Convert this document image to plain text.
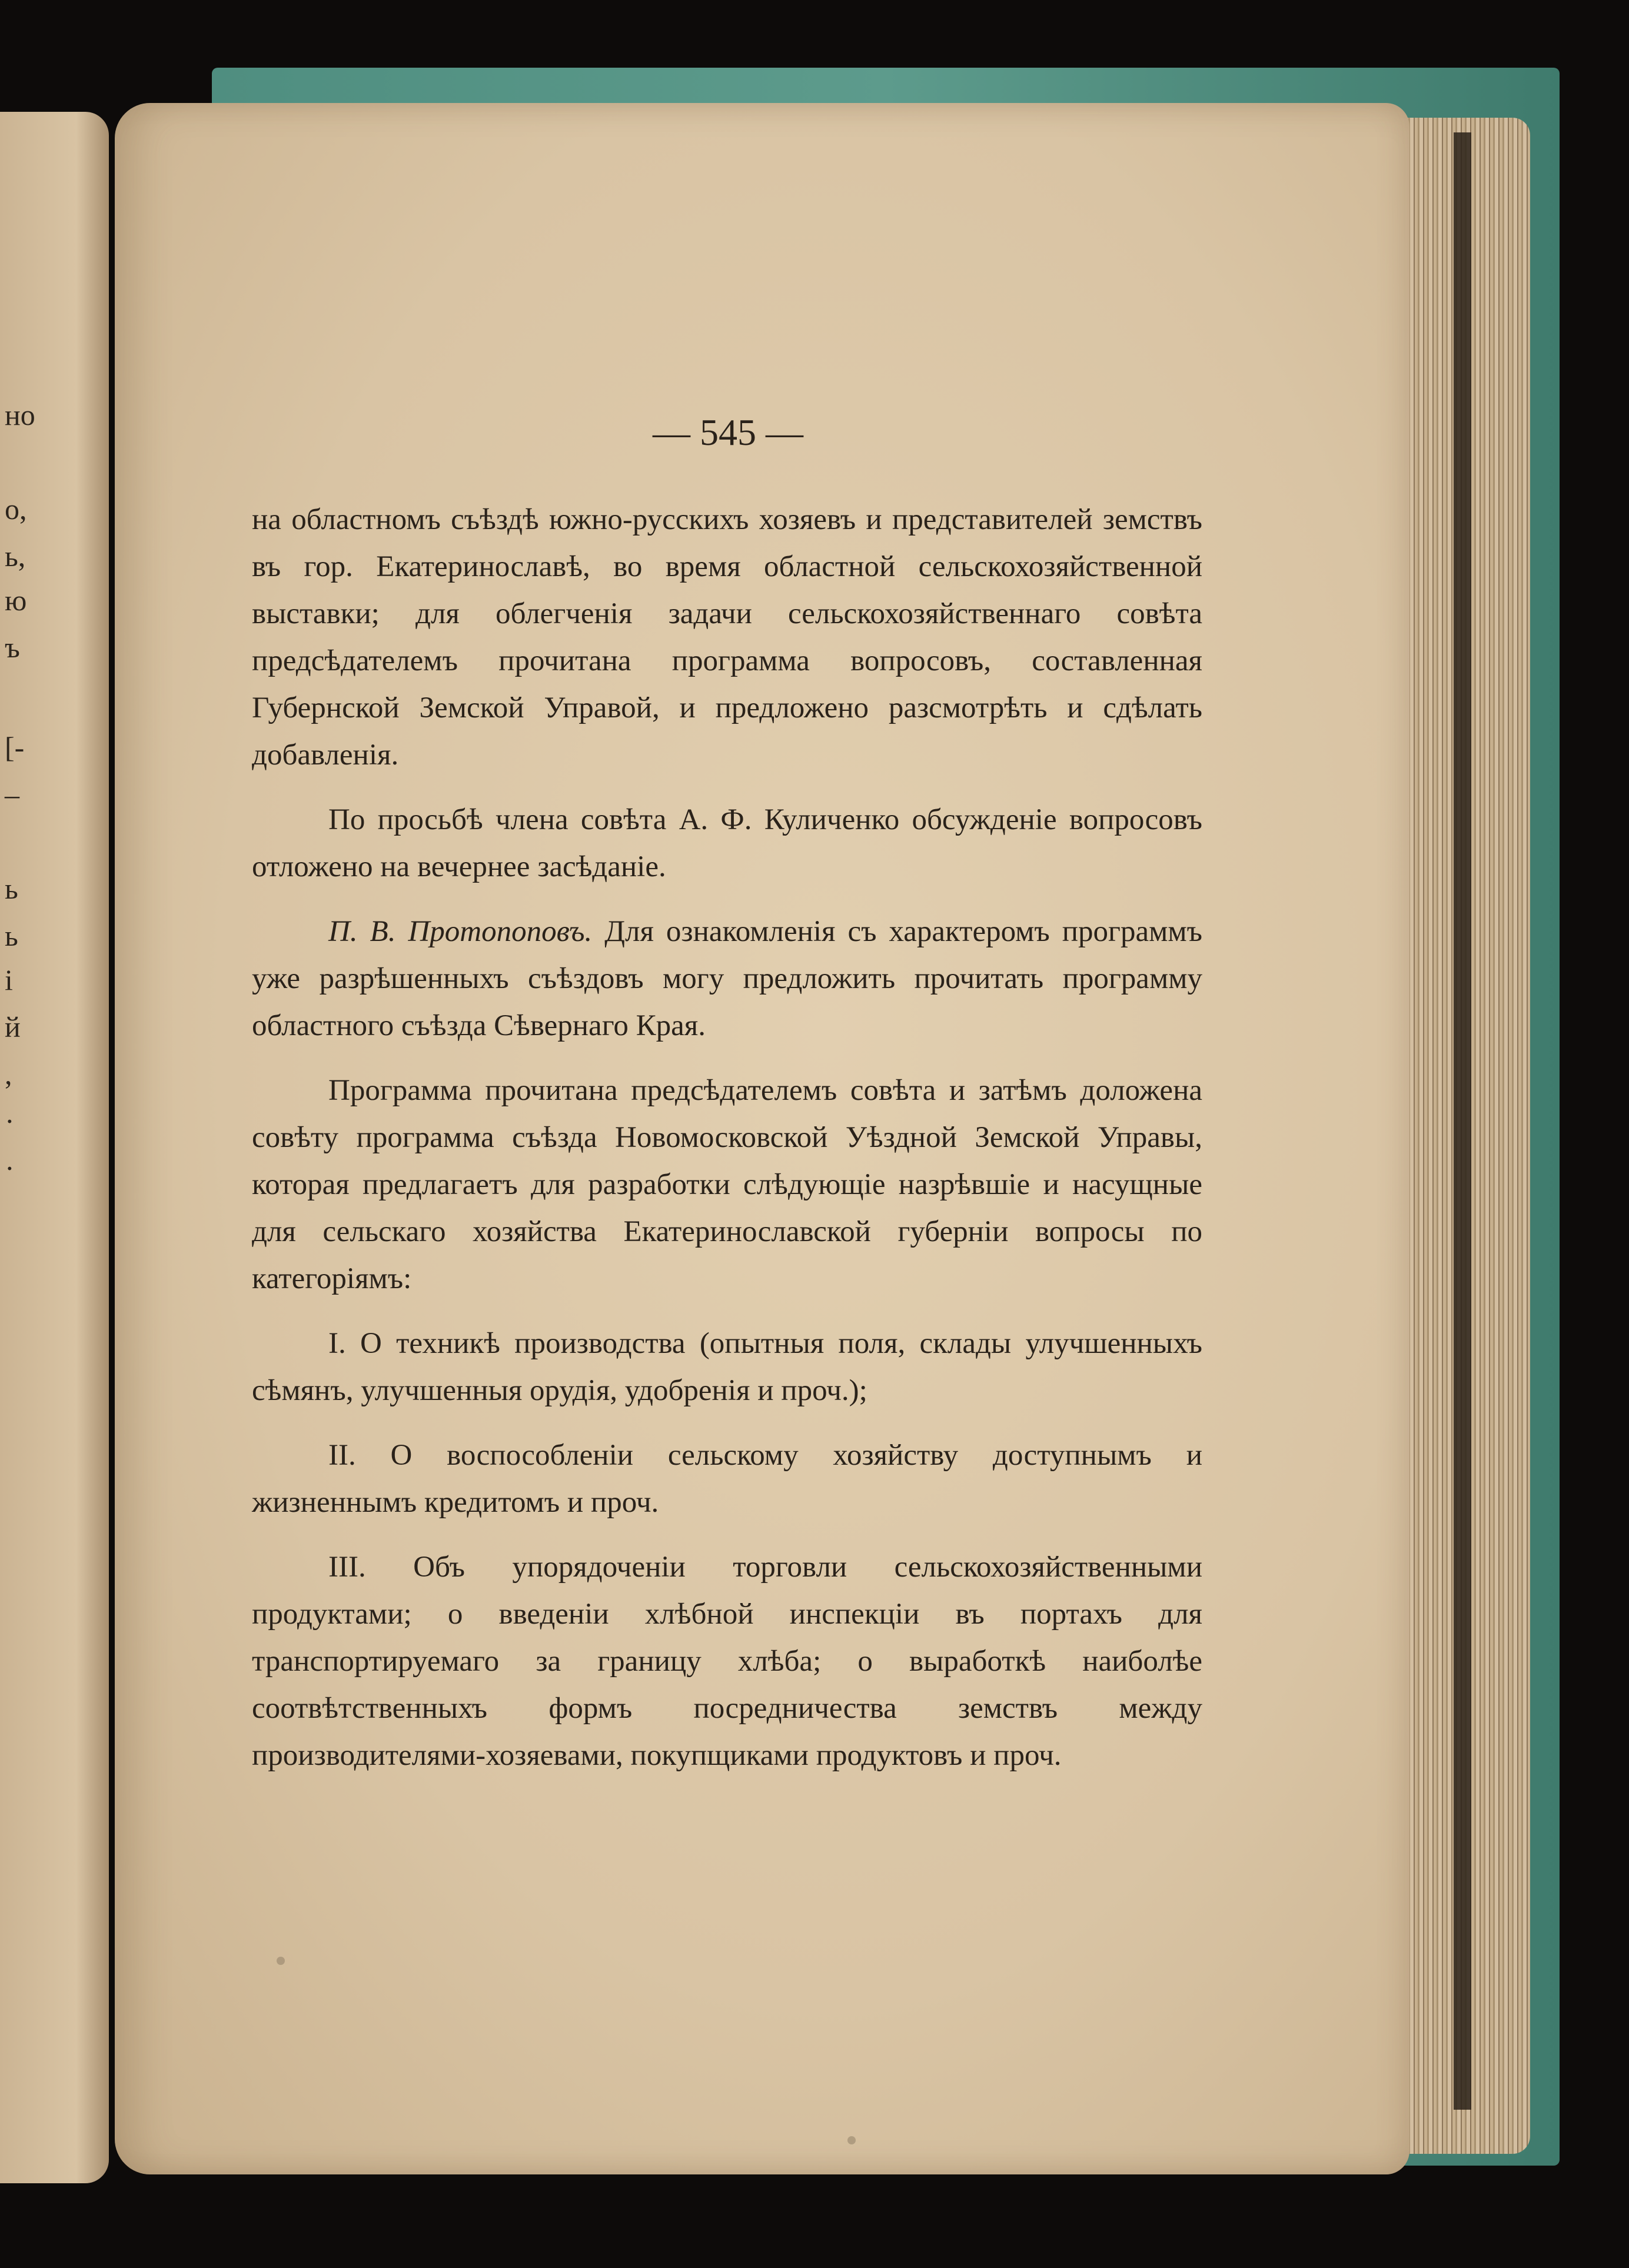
но
о,
ь,
ю
ъ
[-
–
ь
ь
і
й
,
·
·
— 545 —

на областномъ съѣздѣ южно-русскихъ хозяевъ и представителей земствъ въ гор. Екатеринославѣ, во время областной сельскохозяйственной выставки; для облегченія задачи сельскохозяйственнаго совѣта предсѣдателемъ прочитана программа вопросовъ, составленная Губернской Земской Управой, и предложено разсмотрѣть и сдѣлать добавленія.

По просьбѣ члена совѣта А. Ф. Куличенко обсужденіе вопросовъ отложено на вечернее засѣданіе.

П. В. Протопоповъ. Для ознакомленія съ характеромъ программъ уже разрѣшенныхъ съѣздовъ могу предложить прочитать программу областного съѣзда Сѣвернаго Края.

Программа прочитана предсѣдателемъ совѣта и затѣмъ доложена совѣту программа съѣзда Новомосковской Уѣздной Земской Управы, которая предлагаетъ для разработки слѣдующіе назрѣвшіе и насущные для сельскаго хозяйства Екатеринославской губерніи вопросы по категоріямъ:

І. О техникѣ производства (опытныя поля, склады улучшенныхъ сѣмянъ, улучшенныя орудія, удобренія и проч.);

ІІ. О воспособленіи сельскому хозяйству доступнымъ и жизненнымъ кредитомъ и проч.

ІІІ. Объ упорядоченіи торговли сельскохозяйственными продуктами; о введеніи хлѣбной инспекціи въ портахъ для транспортируемаго за границу хлѣба; о выработкѣ наиболѣе соотвѣтственныхъ формъ посредничества земствъ между производителями-хозяевами, покупщиками продуктовъ и проч.
